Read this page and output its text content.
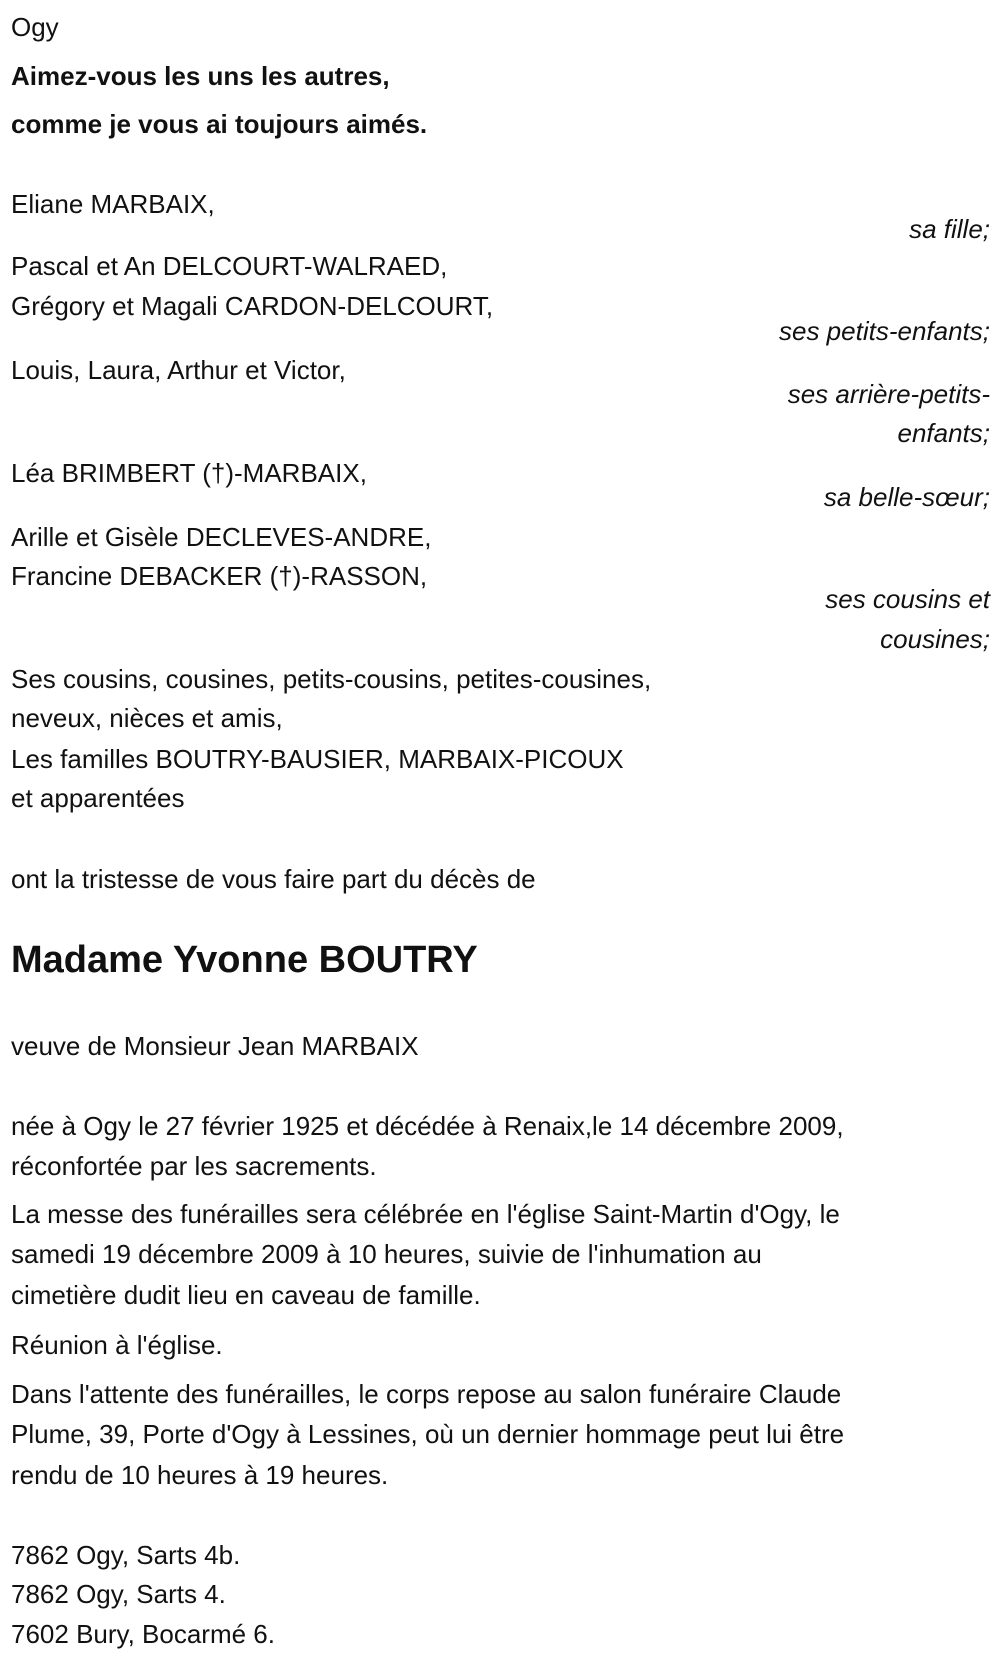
Ogy
Aimez-vous les uns les autres,
comme je vous ai toujours aimés.
Eliane MARBAIX,
sa fille;
Pascal et An DELCOURT-WALRAED,
Grégory et Magali CARDON-DELCOURT,
ses petits-enfants;
Louis, Laura, Arthur et Victor,
ses arrière-petits-
enfants;
Léa BRIMBERT (†)-MARBAIX,
sa belle-sœur;
Arille et Gisèle DECLEVES-ANDRE,
Francine DEBACKER (†)-RASSON,
ses cousins et
cousines;
Ses cousins, cousines, petits-cousins, petites-cousines,
neveux, nièces et amis,
Les familles BOUTRY-BAUSIER, MARBAIX-PICOUX
et apparentées
ont la tristesse de vous faire part du décès de
Madame Yvonne BOUTRY
veuve de Monsieur Jean MARBAIX
née à Ogy le 27 février 1925 et décédée à Renaix,le 14 décembre 2009,
réconfortée par les sacrements.
La messe des funérailles sera célébrée en l'église Saint-Martin d'Ogy, le
samedi 19 décembre 2009 à 10 heures, suivie de l'inhumation au
cimetière dudit lieu en caveau de famille.
Réunion à l'église.
Dans l'attente des funérailles, le corps repose au salon funéraire Claude
Plume, 39, Porte d'Ogy à Lessines, où un dernier hommage peut lui être
rendu de 10 heures à 19 heures.
7862 Ogy, Sarts 4b.
7862 Ogy, Sarts 4.
7602 Bury, Bocarmé 6.
